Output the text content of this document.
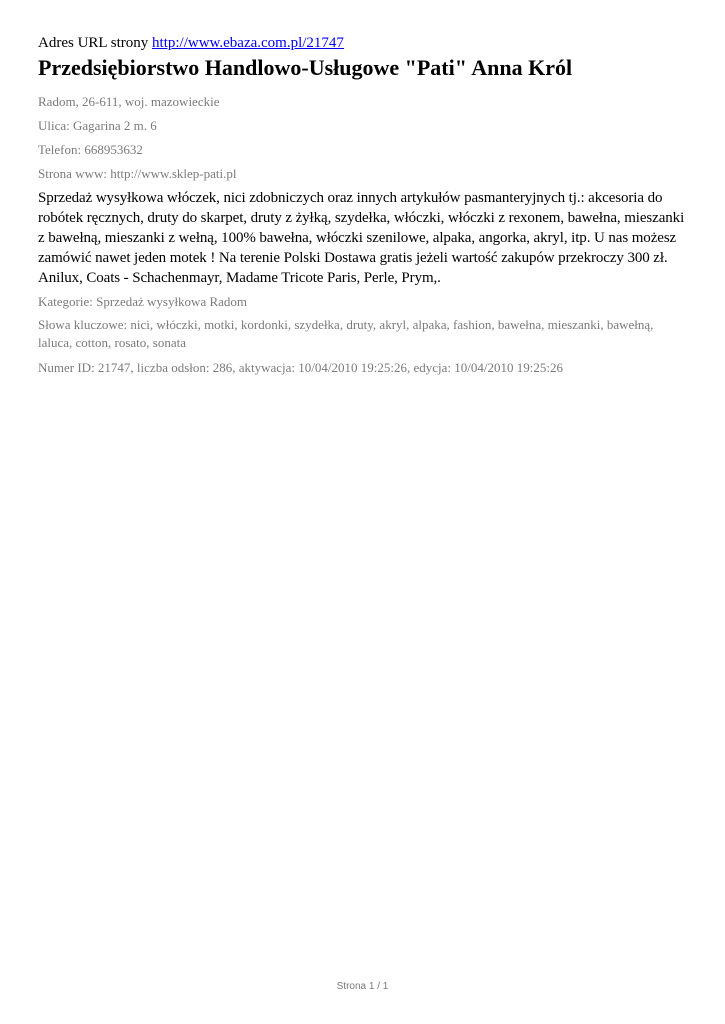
Adres URL strony http://www.ebaza.com.pl/21747
Przedsiębiorstwo Handlowo-Usługowe "Pati" Anna Król
Radom, 26-611, woj. mazowieckie
Ulica: Gagarina 2 m. 6
Telefon: 668953632
Strona www: http://www.sklep-pati.pl
Sprzedaż wysyłkowa włóczek, nici zdobniczych oraz innych artykułów pasmanteryjnych tj.: akcesoria do robótek ręcznych, druty do skarpet, druty z żyłką, szydełka, włóczki, włóczki z rexonem, bawełna, mieszanki z bawełną, mieszanki z wełną, 100% bawełna, włóczki szenilowe, alpaka, angorka, akryl, itp. U nas możesz zamówić nawet jeden motek ! Na terenie Polski Dostawa gratis jeżeli wartość zakupów przekroczy 300 zł. Anilux, Coats - Schachenmayr, Madame Tricote Paris, Perle, Prym,.
Kategorie: Sprzedaż wysyłkowa Radom
Słowa kluczowe: nici, włóczki, motki, kordonki, szydełka, druty, akryl, alpaka, fashion, bawełna, mieszanki, bawełną, laluca, cotton, rosato, sonata
Numer ID: 21747, liczba odsłon: 286, aktywacja: 10/04/2010 19:25:26, edycja: 10/04/2010 19:25:26
Strona 1 / 1
